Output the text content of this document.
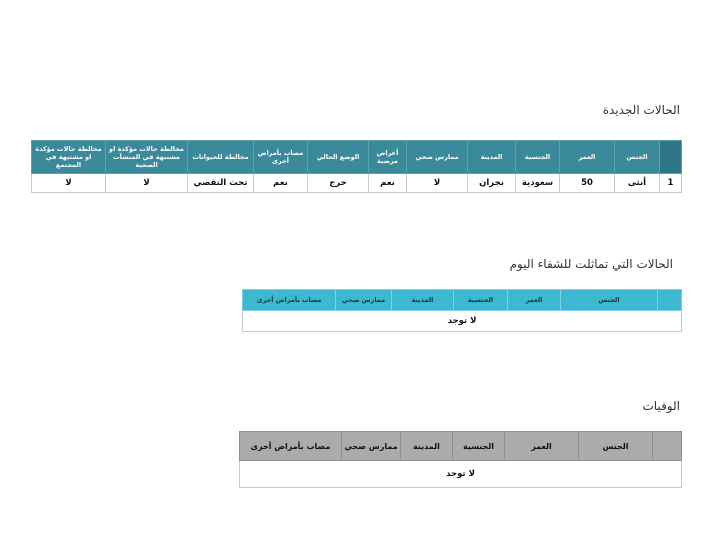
الحالات الجديدة
	الجنس	العمر	الجنسية	المدينة	ممارس صحي	أعراض مرضية	الوضع الحالي	مصاب بأمراض أخرى	مخالطة للحيوانات	مخالطة حالات مؤكدة او مشتبهة في المنشآت الصحية	مخالطة حالات مؤكدة او مشتبهة في المجتمع
1	أنثى	50	سعودية	نجران	لا	نعم	حرج	نعم	تحت التقصي	لا	لا
الحالات التي تماثلت للشفاء اليوم
	الجنس	العمر	الجنسية	المدينة	ممارس صحي	مصاب بأمراض أخرى
لا توجد
الوفيات
	الجنس	العمر	الجنسية	المدينة	ممارس صحي	مصاب بأمراض أخرى
لا توجد
